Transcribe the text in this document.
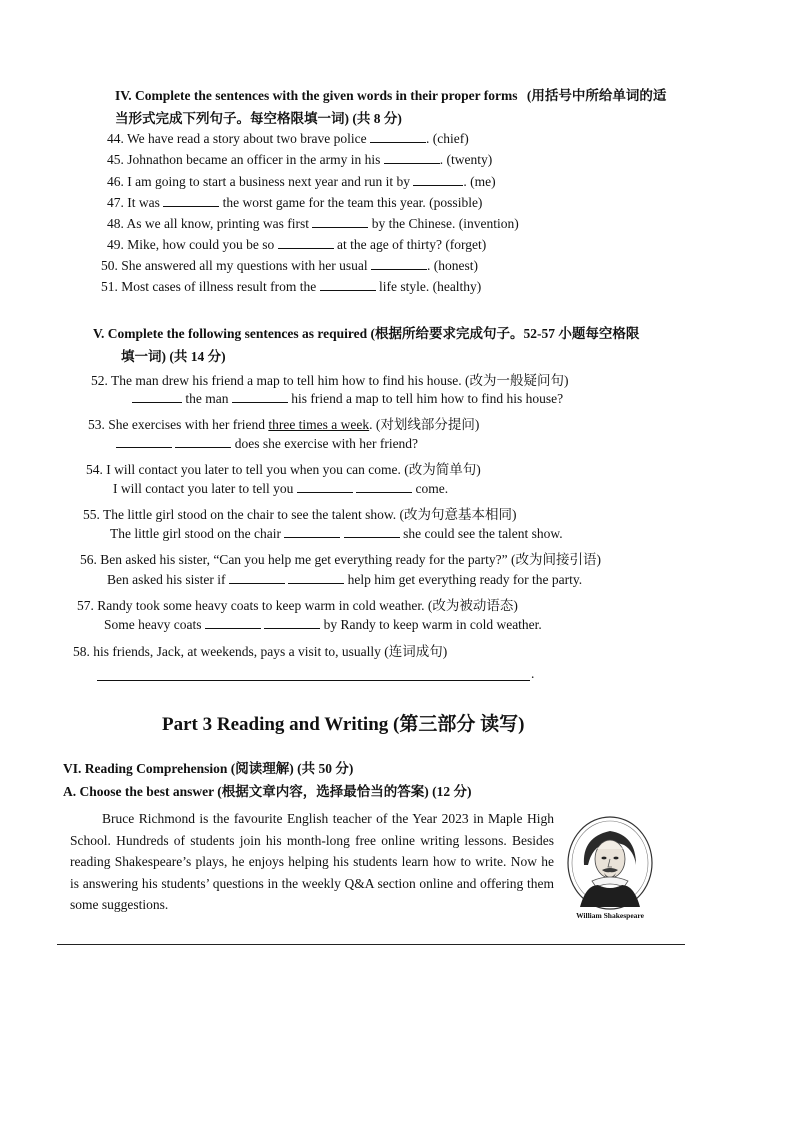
IV. Complete the sentences with the given words in their proper forms (用括号中所给单词的适
当形式完成下列句子。每空格限填一词) (共 8 分)
44. We have read a story about two brave police	. (chief)
45. Johnathon became an officer in the army in his	. (twenty)
46. I am going to start a business next year and run it by	. (me)
47. It was	the worst game for the team this year. (possible)
48. As we all know, printing was first	by the Chinese. (invention)
49. Mike, how could you be so	at the age of thirty? (forget)
50. She answered all my questions with her usual	. (honest)
51. Most cases of illness result from the	life style. (healthy)
V. Complete the following sentences as required (根据所给要求完成句子。52-57 小题每空格限
填一词) (共 14 分)
52. The man drew his friend a map to tell him how to find his house. (改为一般疑问句)
the man	his friend a map to tell him how to find his house?
53. She exercises with her friend three times a week. (对划线部分提问)
does she exercise with her friend?
54. I will contact you later to tell you when you can come. (改为简单句)
I will contact you later to tell you	come.
55. The little girl stood on the chair to see the talent show. (改为句意基本相同)
The little girl stood on the chair	she could see the talent show.
56. Ben asked his sister, “Can you help me get everything ready for the party?” (改为间接引语)
Ben asked his sister if	help him get everything ready for the party.
57. Randy took some heavy coats to keep warm in cold weather. (改为被动语态)
Some heavy coats	by Randy to keep warm in cold weather.
58. his friends, Jack, at weekends, pays a visit to, usually (连词成句)
.
Part 3 Reading and Writing (第三部分 读写)
VI. Reading Comprehension (阅读理解) (共 50 分)
A. Choose the best answer (根据文章内容，选择最恰当的答案) (12 分)

Bruce Richmond is the favourite English teacher of the Year 2023 in Maple High School. Hundreds of students join his month-long free online writing lessons. Besides reading Shakespeare’s plays, he enjoys helping his students learn how to write. Now he is answering his students’ questions in the weekly Q&A section online and offering them some suggestions.

William Shakespeare
